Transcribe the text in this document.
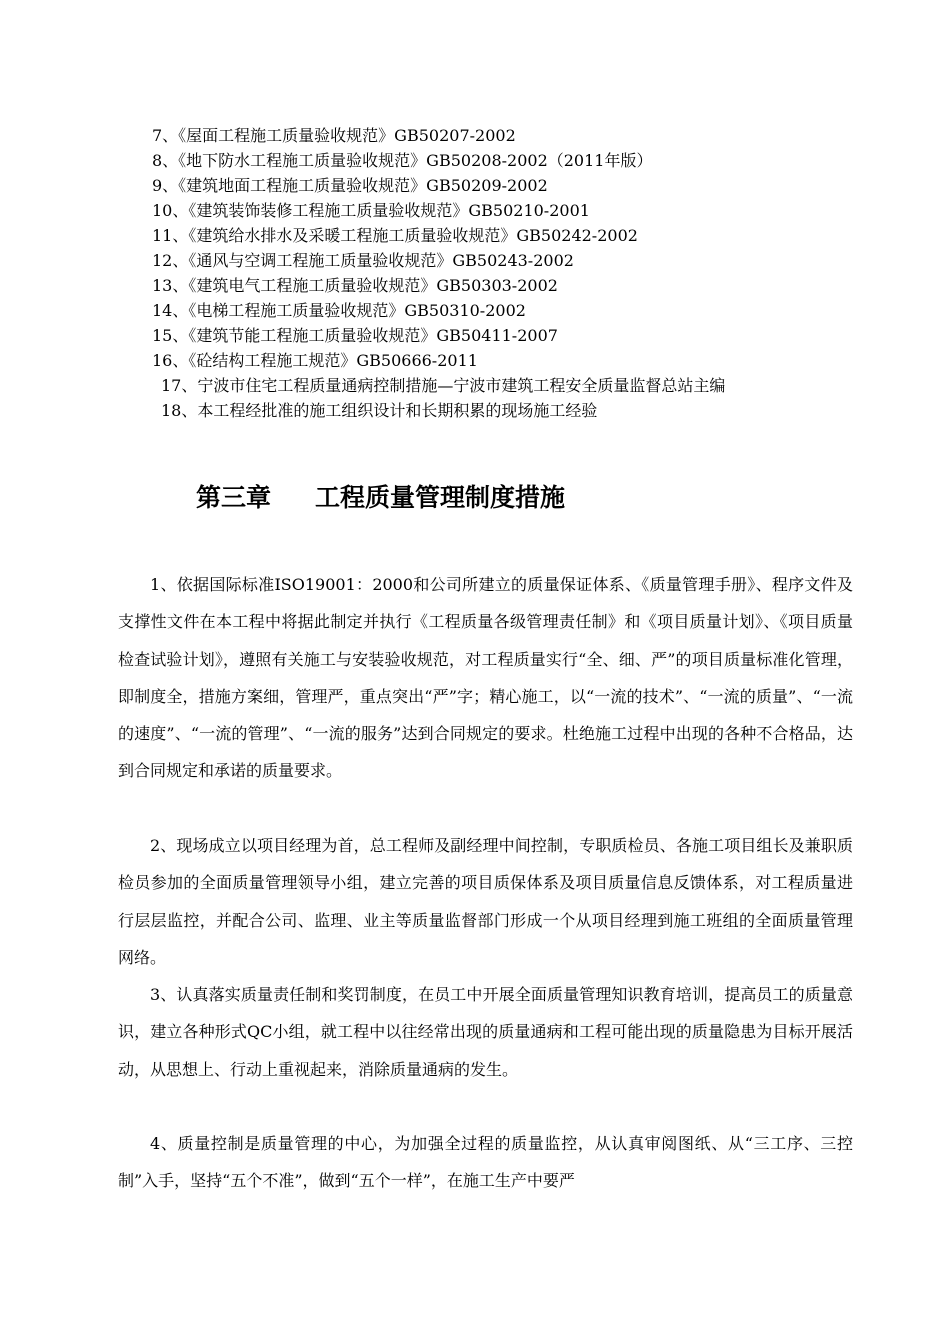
7、《屋面工程施工质量验收规范》GB50207-2002
8、《地下防水工程施工质量验收规范》GB50208-2002（2011年版）
9、《建筑地面工程施工质量验收规范》GB50209-2002
10、《建筑装饰装修工程施工质量验收规范》GB50210-2001
11、《建筑给水排水及采暖工程施工质量验收规范》GB50242-2002
12、《通风与空调工程施工质量验收规范》GB50243-2002
13、《建筑电气工程施工质量验收规范》GB50303-2002
14、《电梯工程施工质量验收规范》GB50310-2002
15、《建筑节能工程施工质量验收规范》GB50411-2007
16、《砼结构工程施工规范》GB50666-2011
17、宁波市住宅工程质量通病控制措施—宁波市建筑工程安全质量监督总站主编
18、本工程经批准的施工组织设计和长期积累的现场施工经验
第三章 工程质量管理制度措施

1、依据国际标准ISO19001：2000和公司所建立的质量保证体系、《质量管理手册》、程序文件及支撑性文件在本工程中将据此制定并执行《工程质量各级管理责任制》和《项目质量计划》、《项目质量检查试验计划》，遵照有关施工与安装验收规范，对工程质量实行“全、细、严”的项目质量标准化管理，即制度全，措施方案细，管理严，重点突出“严”字；精心施工，以“一流的技术”、“一流的质量”、“一流的速度”、“一流的管理”、“一流的服务”达到合同规定的要求。杜绝施工过程中出现的各种不合格品，达到合同规定和承诺的质量要求。

2、现场成立以项目经理为首，总工程师及副经理中间控制，专职质检员、各施工项目组长及兼职质检员参加的全面质量管理领导小组，建立完善的项目质保体系及项目质量信息反馈体系，对工程质量进行层层监控，并配合公司、监理、业主等质量监督部门形成一个从项目经理到施工班组的全面质量管理网络。

3、认真落实质量责任制和奖罚制度，在员工中开展全面质量管理知识教育培训，提高员工的质量意识，建立各种形式QC小组，就工程中以往经常出现的质量通病和工程可能出现的质量隐患为目标开展活动，从思想上、行动上重视起来，消除质量通病的发生。

4、质量控制是质量管理的中心，为加强全过程的质量监控，从认真审阅图纸、从“三工序、三控制”入手，坚持“五个不准”，做到“五个一样”，在施工生产中要严
